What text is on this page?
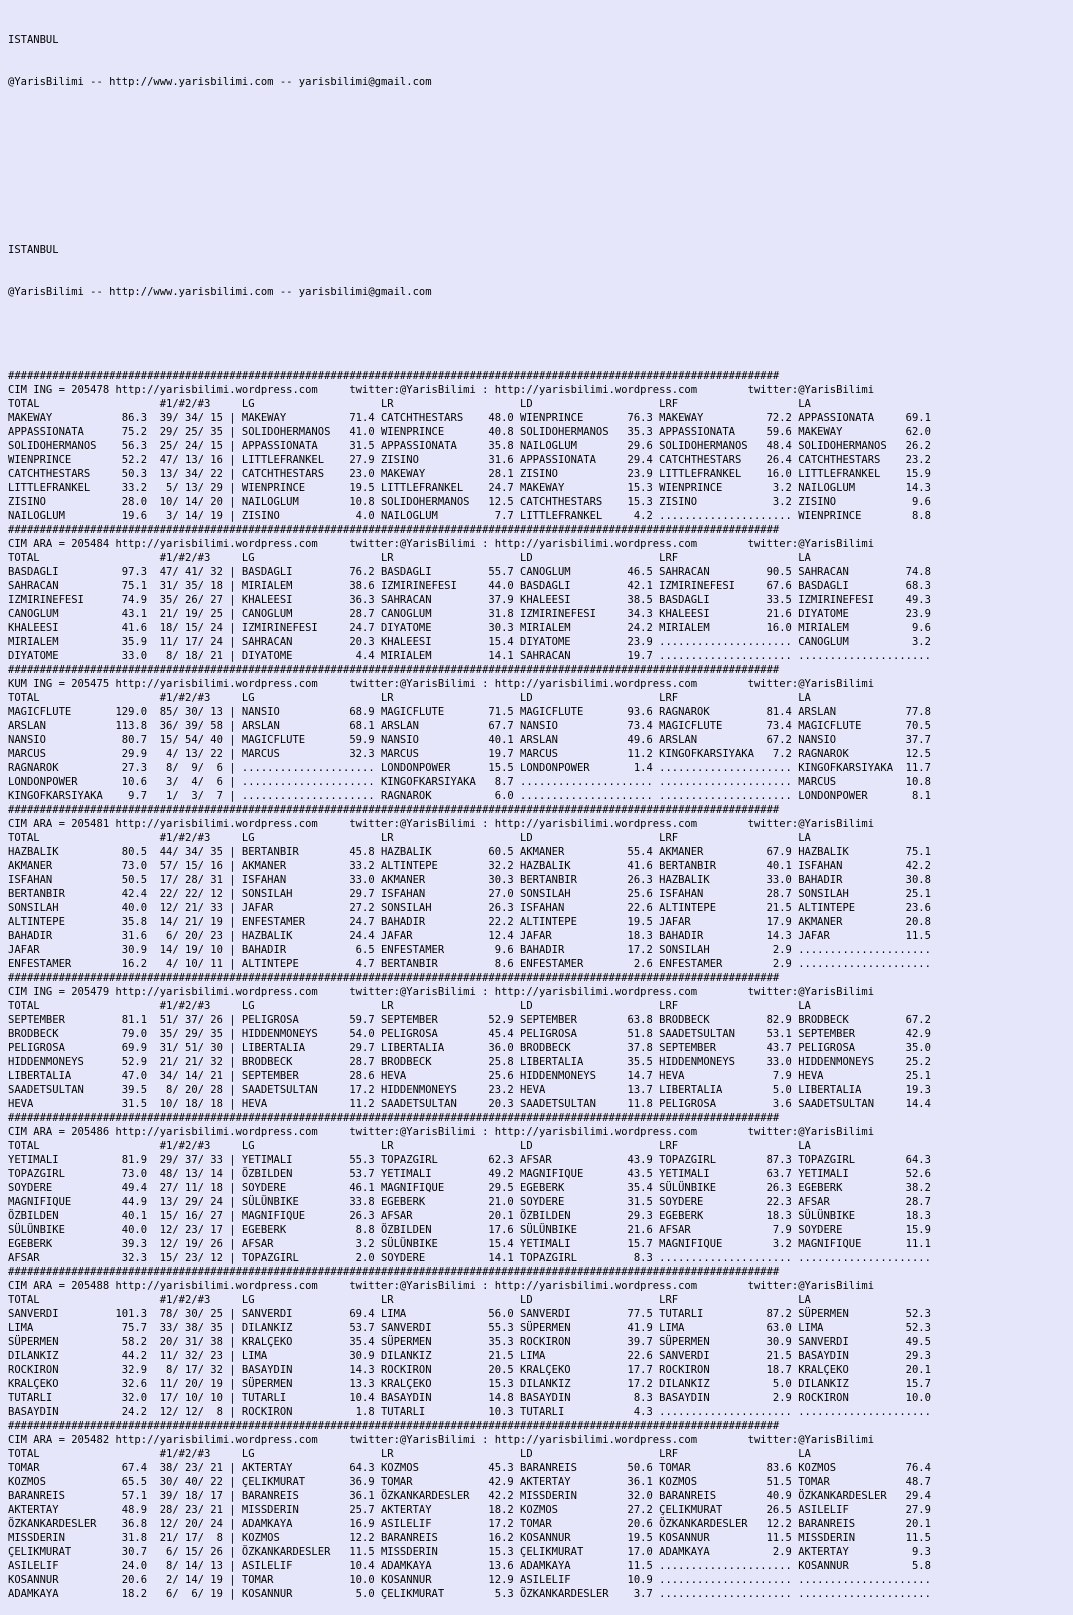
ISTANBUL

@YarisBilimi -- http://www.yarisbilimi.com -- yarisbilimi@gmail.com

ISTANBUL

@YarisBilimi -- http://www.yarisbilimi.com -- yarisbilimi@gmail.com

##########################################################################################################################
CIM ING = 205478 http://yarisbilimi.wordpress.com     twitter:@YarisBilimi : http://yarisbilimi.wordpress.com        twitter:@YarisBilimi
TOTAL                   #1/#2/#3     LG                    LR                    LD                    LRF                   LA
MAKEWAY           86.3  39/ 34/ 15 | MAKEWAY          71.4 CATCHTHESTARS    48.0 WIENPRINCE       76.3 MAKEWAY          72.2 APPASSIONATA     69.1
APPASSIONATA      75.2  29/ 25/ 35 | SOLIDOHERMANOS   41.0 WIENPRINCE       40.8 SOLIDOHERMANOS   35.3 APPASSIONATA     59.6 MAKEWAY          62.0
SOLIDOHERMANOS    56.3  25/ 24/ 15 | APPASSIONATA     31.5 APPASSIONATA     35.8 NAILOGLUM        29.6 SOLIDOHERMANOS   48.4 SOLIDOHERMANOS   26.2
WIENPRINCE        52.2  47/ 13/ 16 | LITTLEFRANKEL    27.9 ZISINO           31.6 APPASSIONATA     29.4 CATCHTHESTARS    26.4 CATCHTHESTARS    23.2
CATCHTHESTARS     50.3  13/ 34/ 22 | CATCHTHESTARS    23.0 MAKEWAY          28.1 ZISINO           23.9 LITTLEFRANKEL    16.0 LITTLEFRANKEL    15.9
LITTLEFRANKEL     33.2   5/ 13/ 29 | WIENPRINCE       19.5 LITTLEFRANKEL    24.7 MAKEWAY          15.3 WIENPRINCE        3.2 NAILOGLUM        14.3
ZISINO            28.0  10/ 14/ 20 | NAILOGLUM        10.8 SOLIDOHERMANOS   12.5 CATCHTHESTARS    15.3 ZISINO            3.2 ZISINO            9.6
NAILOGLUM         19.6   3/ 14/ 19 | ZISINO            4.0 NAILOGLUM         7.7 LITTLEFRANKEL     4.2 ..................... WIENPRINCE        8.8
##########################################################################################################################
CIM ARA = 205484 http://yarisbilimi.wordpress.com     twitter:@YarisBilimi : http://yarisbilimi.wordpress.com        twitter:@YarisBilimi
TOTAL                   #1/#2/#3     LG                    LR                    LD                    LRF                   LA
BASDAGLI          97.3  47/ 41/ 32 | BASDAGLI         76.2 BASDAGLI         55.7 CANOGLUM         46.5 SAHRACAN         90.5 SAHRACAN         74.8
SAHRACAN          75.1  31/ 35/ 18 | MIRIALEM         38.6 IZMIRINEFESI     44.0 BASDAGLI         42.1 IZMIRINEFESI     67.6 BASDAGLI         68.3
IZMIRINEFESI      74.9  35/ 26/ 27 | KHALEESI         36.3 SAHRACAN         37.9 KHALEESI         38.5 BASDAGLI         33.5 IZMIRINEFESI     49.3
CANOGLUM          43.1  21/ 19/ 25 | CANOGLUM         28.7 CANOGLUM         31.8 IZMIRINEFESI     34.3 KHALEESI         21.6 DIYATOME         23.9
KHALEESI          41.6  18/ 15/ 24 | IZMIRINEFESI     24.7 DIYATOME         30.3 MIRIALEM         24.2 MIRIALEM         16.0 MIRIALEM          9.6
MIRIALEM          35.9  11/ 17/ 24 | SAHRACAN         20.3 KHALEESI         15.4 DIYATOME         23.9 ..................... CANOGLUM          3.2
DIYATOME          33.0   8/ 18/ 21 | DIYATOME          4.4 MIRIALEM         14.1 SAHRACAN         19.7 ..................... .....................
##########################################################################################################################
KUM ING = 205475 http://yarisbilimi.wordpress.com     twitter:@YarisBilimi : http://yarisbilimi.wordpress.com        twitter:@YarisBilimi
TOTAL                   #1/#2/#3     LG                    LR                    LD                    LRF                   LA
MAGICFLUTE       129.0  85/ 30/ 13 | NANSIO           68.9 MAGICFLUTE       71.5 MAGICFLUTE       93.6 RAGNAROK         81.4 ARSLAN           77.8
ARSLAN           113.8  36/ 39/ 58 | ARSLAN           68.1 ARSLAN           67.7 NANSIO           73.4 MAGICFLUTE       73.4 MAGICFLUTE       70.5
NANSIO            80.7  15/ 54/ 40 | MAGICFLUTE       59.9 NANSIO           40.1 ARSLAN           49.6 ARSLAN           67.2 NANSIO           37.7
MARCUS            29.9   4/ 13/ 22 | MARCUS           32.3 MARCUS           19.7 MARCUS           11.2 KINGOFKARSIYAKA   7.2 RAGNAROK         12.5
RAGNAROK          27.3   8/  9/  6 | ..................... LONDONPOWER      15.5 LONDONPOWER       1.4 ..................... KINGOFKARSIYAKA  11.7
LONDONPOWER       10.6   3/  4/  6 | ..................... KINGOFKARSIYAKA   8.7 ..................... ..................... MARCUS           10.8
KINGOFKARSIYAKA    9.7   1/  3/  7 | ..................... RAGNAROK          6.0 ..................... ..................... LONDONPOWER       8.1
##########################################################################################################################
CIM ARA = 205481 http://yarisbilimi.wordpress.com     twitter:@YarisBilimi : http://yarisbilimi.wordpress.com        twitter:@YarisBilimi
TOTAL                   #1/#2/#3     LG                    LR                    LD                    LRF                   LA
HAZBALIK          80.5  44/ 34/ 35 | BERTANBIR        45.8 HAZBALIK         60.5 AKMANER          55.4 AKMANER          67.9 HAZBALIK         75.1
AKMANER           73.0  57/ 15/ 16 | AKMANER          33.2 ALTINTEPE        32.2 HAZBALIK         41.6 BERTANBIR        40.1 ISFAHAN          42.2
ISFAHAN           50.5  17/ 28/ 31 | ISFAHAN          33.0 AKMANER          30.3 BERTANBIR        26.3 HAZBALIK         33.0 BAHADIR          30.8
BERTANBIR         42.4  22/ 22/ 12 | SONSILAH         29.7 ISFAHAN          27.0 SONSILAH         25.6 ISFAHAN          28.7 SONSILAH         25.1
SONSILAH          40.0  12/ 21/ 33 | JAFAR            27.2 SONSILAH         26.3 ISFAHAN          22.6 ALTINTEPE        21.5 ALTINTEPE        23.6
ALTINTEPE         35.8  14/ 21/ 19 | ENFESTAMER       24.7 BAHADIR          22.2 ALTINTEPE        19.5 JAFAR            17.9 AKMANER          20.8
BAHADIR           31.6   6/ 20/ 23 | HAZBALIK         24.4 JAFAR            12.4 JAFAR            18.3 BAHADIR          14.3 JAFAR            11.5
JAFAR             30.9  14/ 19/ 10 | BAHADIR           6.5 ENFESTAMER        9.6 BAHADIR          17.2 SONSILAH          2.9 .....................
ENFESTAMER        16.2   4/ 10/ 11 | ALTINTEPE         4.7 BERTANBIR         8.6 ENFESTAMER        2.6 ENFESTAMER        2.9 .....................
##########################################################################################################################
CIM ING = 205479 http://yarisbilimi.wordpress.com     twitter:@YarisBilimi : http://yarisbilimi.wordpress.com        twitter:@YarisBilimi
TOTAL                   #1/#2/#3     LG                    LR                    LD                    LRF                   LA
SEPTEMBER         81.1  51/ 37/ 26 | PELIGROSA        59.7 SEPTEMBER        52.9 SEPTEMBER        63.8 BRODBECK         82.9 BRODBECK         67.2
BRODBECK          79.0  35/ 29/ 35 | HIDDENMONEYS     54.0 PELIGROSA        45.4 PELIGROSA        51.8 SAADETSULTAN     53.1 SEPTEMBER        42.9
PELIGROSA         69.9  31/ 51/ 30 | LIBERTALIA       29.7 LIBERTALIA       36.0 BRODBECK         37.8 SEPTEMBER        43.7 PELIGROSA        35.0
HIDDENMONEYS      52.9  21/ 21/ 32 | BRODBECK         28.7 BRODBECK         25.8 LIBERTALIA       35.5 HIDDENMONEYS     33.0 HIDDENMONEYS     25.2
LIBERTALIA        47.0  34/ 14/ 21 | SEPTEMBER        28.6 HEVA             25.6 HIDDENMONEYS     14.7 HEVA              7.9 HEVA             25.1
SAADETSULTAN      39.5   8/ 20/ 28 | SAADETSULTAN     17.2 HIDDENMONEYS     23.2 HEVA             13.7 LIBERTALIA        5.0 LIBERTALIA       19.3
HEVA              31.5  10/ 18/ 18 | HEVA             11.2 SAADETSULTAN     20.3 SAADETSULTAN     11.8 PELIGROSA         3.6 SAADETSULTAN     14.4
##########################################################################################################################
CIM ARA = 205486 http://yarisbilimi.wordpress.com     twitter:@YarisBilimi : http://yarisbilimi.wordpress.com        twitter:@YarisBilimi
TOTAL                   #1/#2/#3     LG                    LR                    LD                    LRF                   LA
YETIMALI          81.9  29/ 37/ 33 | YETIMALI         55.3 TOPAZGIRL        62.3 AFSAR            43.9 TOPAZGIRL        87.3 TOPAZGIRL        64.3
TOPAZGIRL         73.0  48/ 13/ 14 | ÖZBILDEN         53.7 YETIMALI         49.2 MAGNIFIQUE       43.5 YETIMALI         63.7 YETIMALI         52.6
SOYDERE           49.4  27/ 11/ 18 | SOYDERE          46.1 MAGNIFIQUE       29.5 EGEBERK          35.4 SÜLÜNBIKE        26.3 EGEBERK          38.2
MAGNIFIQUE        44.9  13/ 29/ 24 | SÜLÜNBIKE        33.8 EGEBERK          21.0 SOYDERE          31.5 SOYDERE          22.3 AFSAR            28.7
ÖZBILDEN          40.1  15/ 16/ 27 | MAGNIFIQUE       26.3 AFSAR            20.1 ÖZBILDEN         29.3 EGEBERK          18.3 SÜLÜNBIKE        18.3
SÜLÜNBIKE         40.0  12/ 23/ 17 | EGEBERK           8.8 ÖZBILDEN         17.6 SÜLÜNBIKE        21.6 AFSAR             7.9 SOYDERE          15.9
EGEBERK           39.3  12/ 19/ 26 | AFSAR             3.2 SÜLÜNBIKE        15.4 YETIMALI         15.7 MAGNIFIQUE        3.2 MAGNIFIQUE       11.1
AFSAR             32.3  15/ 23/ 12 | TOPAZGIRL         2.0 SOYDERE          14.1 TOPAZGIRL         8.3 ..................... .....................
##########################################################################################################################
CIM ARA = 205488 http://yarisbilimi.wordpress.com     twitter:@YarisBilimi : http://yarisbilimi.wordpress.com        twitter:@YarisBilimi
TOTAL                   #1/#2/#3     LG                    LR                    LD                    LRF                   LA
SANVERDI         101.3  78/ 30/ 25 | SANVERDI         69.4 LIMA             56.0 SANVERDI         77.5 TUTARLI          87.2 SÜPERMEN         52.3
LIMA              75.7  33/ 38/ 35 | DILANKIZ         53.7 SANVERDI         55.3 SÜPERMEN         41.9 LIMA             63.0 LIMA             52.3
SÜPERMEN          58.2  20/ 31/ 38 | KRALÇEKO         35.4 SÜPERMEN         35.3 ROCKIRON         39.7 SÜPERMEN         30.9 SANVERDI         49.5
DILANKIZ          44.2  11/ 32/ 23 | LIMA             30.9 DILANKIZ         21.5 LIMA             22.6 SANVERDI         21.5 BASAYDIN         29.3
ROCKIRON          32.9   8/ 17/ 32 | BASAYDIN         14.3 ROCKIRON         20.5 KRALÇEKO         17.7 ROCKIRON         18.7 KRALÇEKO         20.1
KRALÇEKO          32.6  11/ 20/ 19 | SÜPERMEN         13.3 KRALÇEKO         15.3 DILANKIZ         17.2 DILANKIZ          5.0 DILANKIZ         15.7
TUTARLI           32.0  17/ 10/ 10 | TUTARLI          10.4 BASAYDIN         14.8 BASAYDIN          8.3 BASAYDIN          2.9 ROCKIRON         10.0
BASAYDIN          24.2  12/ 12/  8 | ROCKIRON          1.8 TUTARLI          10.3 TUTARLI           4.3 ..................... .....................
##########################################################################################################################
CIM ARA = 205482 http://yarisbilimi.wordpress.com     twitter:@YarisBilimi : http://yarisbilimi.wordpress.com        twitter:@YarisBilimi
TOTAL                   #1/#2/#3     LG                    LR                    LD                    LRF                   LA
TOMAR             67.4  38/ 23/ 21 | AKTERTAY         64.3 KOZMOS           45.3 BARANREIS        50.6 TOMAR            83.6 KOZMOS           76.4
KOZMOS            65.5  30/ 40/ 22 | ÇELIKMURAT       36.9 TOMAR            42.9 AKTERTAY         36.1 KOZMOS           51.5 TOMAR            48.7
BARANREIS         57.1  39/ 18/ 17 | BARANREIS        36.1 ÖZKANKARDESLER   42.2 MISSDERIN        32.0 BARANREIS        40.9 ÖZKANKARDESLER   29.4
AKTERTAY          48.9  28/ 23/ 21 | MISSDERIN        25.7 AKTERTAY         18.2 KOZMOS           27.2 ÇELIKMURAT       26.5 ASILELIF         27.9
ÖZKANKARDESLER    36.8  12/ 20/ 24 | ADAMKAYA         16.9 ASILELIF         17.2 TOMAR            20.6 ÖZKANKARDESLER   12.2 BARANREIS        20.1
MISSDERIN         31.8  21/ 17/  8 | KOZMOS           12.2 BARANREIS        16.2 KOSANNUR         19.5 KOSANNUR         11.5 MISSDERIN        11.5
ÇELIKMURAT        30.7   6/ 15/ 26 | ÖZKANKARDESLER   11.5 MISSDERIN        15.3 ÇELIKMURAT       17.0 ADAMKAYA          2.9 AKTERTAY          9.3
ASILELIF          24.0   8/ 14/ 13 | ASILELIF         10.4 ADAMKAYA         13.6 ADAMKAYA         11.5 ..................... KOSANNUR          5.8
KOSANNUR          20.6   2/ 14/ 19 | TOMAR            10.0 KOSANNUR         12.9 ASILELIF         10.9 ..................... .....................
ADAMKAYA          18.2   6/  6/ 19 | KOSANNUR          5.0 ÇELIKMURAT        5.3 ÖZKANKARDESLER    3.7 ..................... .....................
